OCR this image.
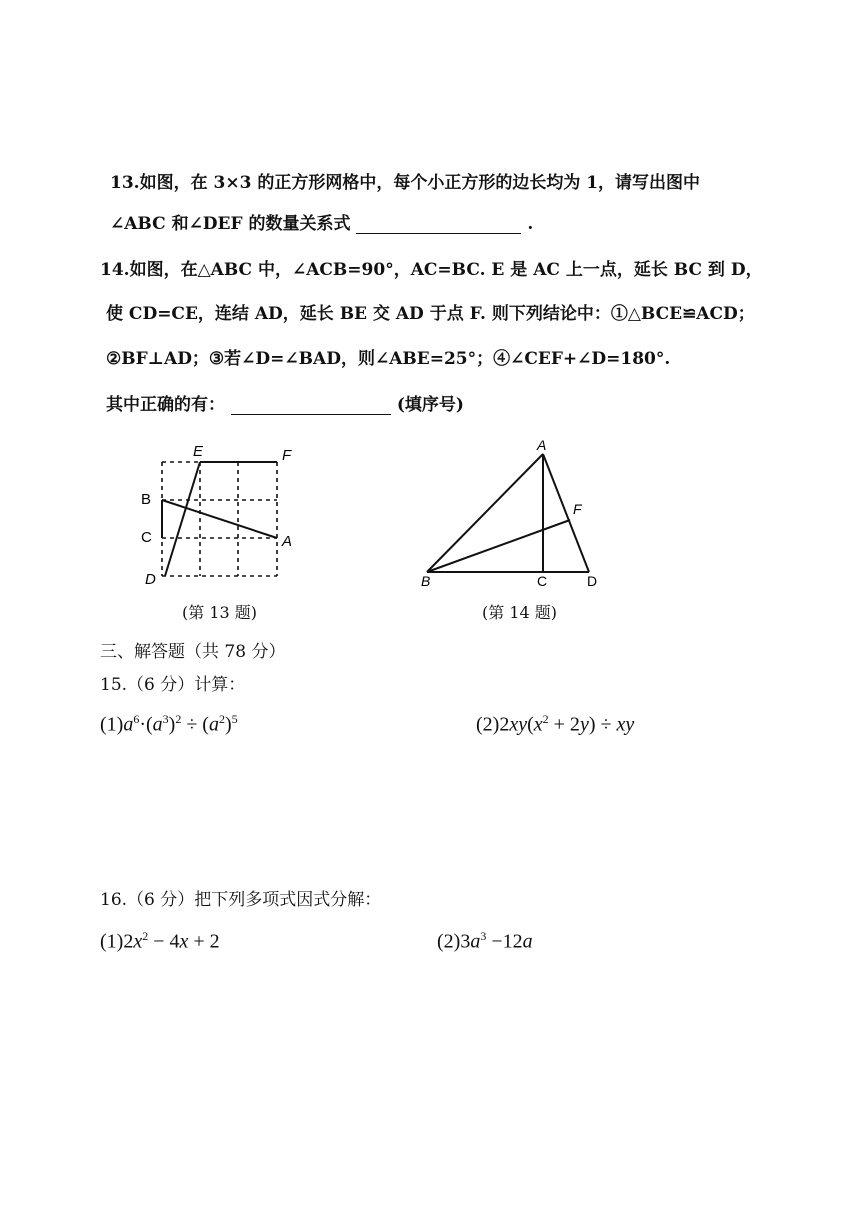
13.如图，在 3×3 的正方形网格中，每个小正方形的边长均为 1，请写出图中
∠ABC 和∠DEF 的数量关系式	.
14.如图，在△ABC 中，∠ACB=90°，AC=BC. E 是 AC 上一点，延长 BC 到 D，
使 CD=CE，连结 AD，延长 BE 交 AD 于点 F. 则下列结论中：①△BCE≌ACD；
②BF⊥AD；③若∠D=∠BAD，则∠ABE=25°；④∠CEF+∠D=180°.
其中正确的有：	(填序号)
E	F
B
C	A
D
(第 13 题)
A
F
B	C	D
(第 14 题)
三、解答题（共 78 分）
15.（6 分）计算：
$(1)a^6\cdot(a^3)^2 \div (a^2)^5$	$(2)2xy(x^2 + 2y)$ ÷ xy
16.（6 分）把下列多项式因式分解：
$(1)2x^2 - 4x + 2$	$(2)3a^3 -12a$
